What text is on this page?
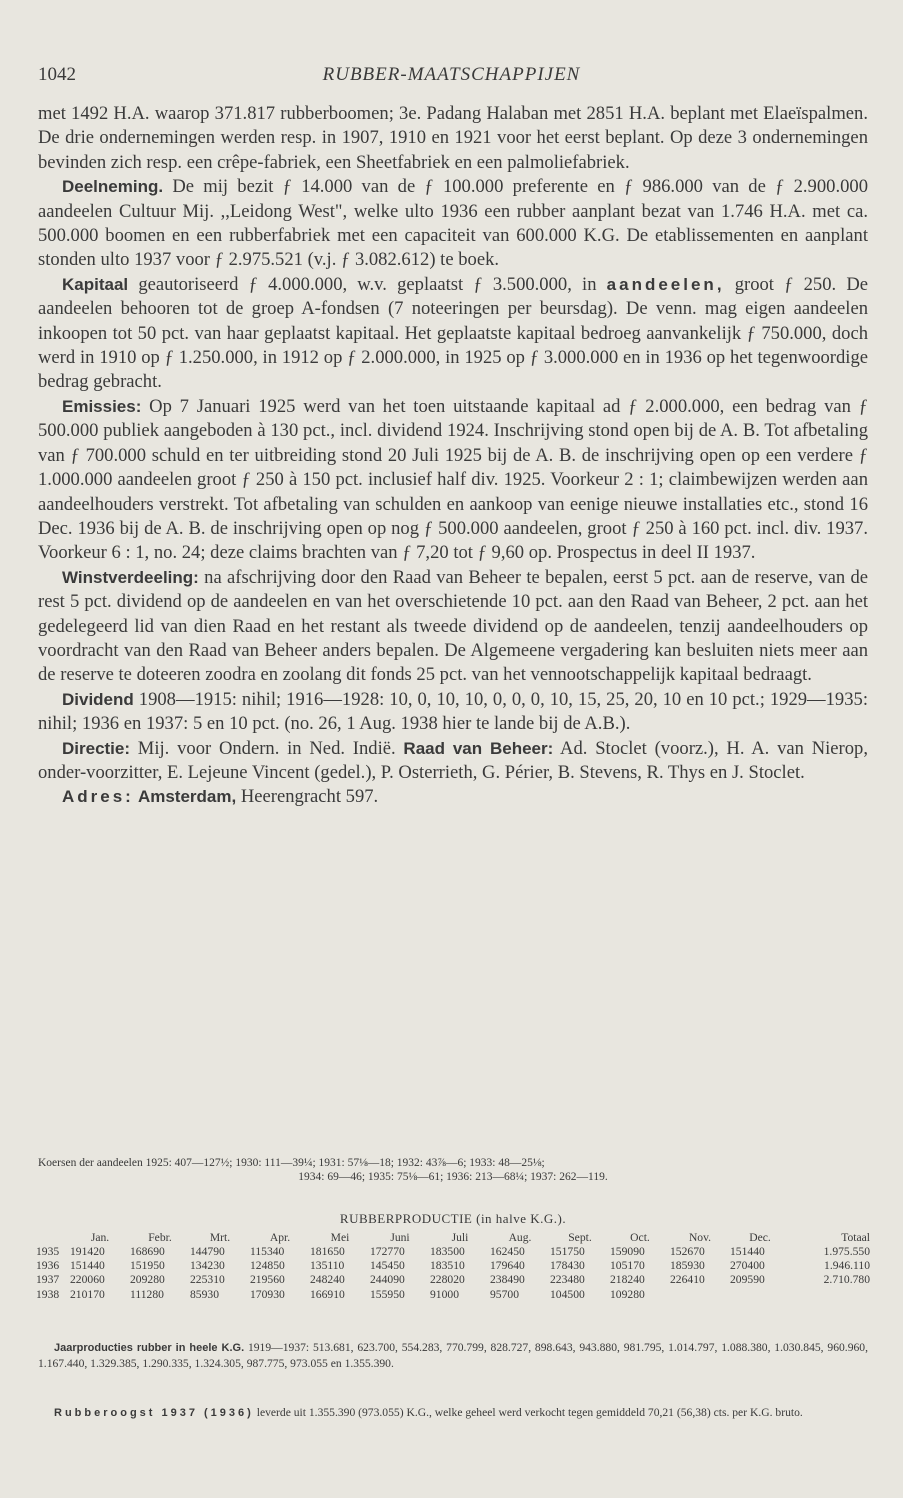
1042	RUBBER-MAATSCHAPPIJEN

met 1492 H.A. waarop 371.817 rubberboomen; 3e. Padang Halaban met 2851 H.A. beplant met Elaeïspalmen. De drie ondernemingen werden resp. in 1907, 1910 en 1921 voor het eerst beplant. Op deze 3 ondernemingen bevinden zich resp. een crêpe-fabriek, een Sheetfabriek en een palmoliefabriek.

Deelneming. De mij bezit ƒ 14.000 van de ƒ 100.000 preferente en ƒ 986.000 van de ƒ 2.900.000 aandeelen Cultuur Mij. ,,Leidong West", welke ulto 1936 een rubber aanplant bezat van 1.746 H.A. met ca. 500.000 boomen en een rubberfabriek met een capaciteit van 600.000 K.G. De etablissementen en aanplant stonden ulto 1937 voor ƒ 2.975.521 (v.j. ƒ 3.082.612) te boek.

Kapitaal geautoriseerd ƒ 4.000.000, w.v. geplaatst ƒ 3.500.000, in aandeelen, groot ƒ 250. De aandeelen behooren tot de groep A-fondsen (7 noteeringen per beursdag). De venn. mag eigen aandeelen inkoopen tot 50 pct. van haar geplaatst kapitaal. Het geplaatste kapitaal bedroeg aanvankelijk ƒ 750.000, doch werd in 1910 op ƒ 1.250.000, in 1912 op ƒ 2.000.000, in 1925 op ƒ 3.000.000 en in 1936 op het tegenwoordige bedrag gebracht.

Emissies: Op 7 Januari 1925 werd van het toen uitstaande kapitaal ad ƒ 2.000.000, een bedrag van ƒ 500.000 publiek aangeboden à 130 pct., incl. dividend 1924. Inschrijving stond open bij de A. B. Tot afbetaling van ƒ 700.000 schuld en ter uitbreiding stond 20 Juli 1925 bij de A. B. de inschrijving open op een verdere ƒ 1.000.000 aandeelen groot ƒ 250 à 150 pct. inclusief half div. 1925. Voorkeur 2 : 1; claimbewijzen werden aan aandeelhouders verstrekt. Tot afbetaling van schulden en aankoop van eenige nieuwe installaties etc., stond 16 Dec. 1936 bij de A. B. de inschrijving open op nog ƒ 500.000 aandeelen, groot ƒ 250 à 160 pct. incl. div. 1937. Voorkeur 6 : 1, no. 24; deze claims brachten van ƒ 7,20 tot ƒ 9,60 op. Prospectus in deel II 1937.

Winstverdeeling: na afschrijving door den Raad van Beheer te bepalen, eerst 5 pct. aan de reserve, van de rest 5 pct. dividend op de aandeelen en van het overschietende 10 pct. aan den Raad van Beheer, 2 pct. aan het gedelegeerd lid van dien Raad en het restant als tweede dividend op de aandeelen, tenzij aandeelhouders op voordracht van den Raad van Beheer anders bepalen. De Algemeene vergadering kan besluiten niets meer aan de reserve te doteeren zoodra en zoolang dit fonds 25 pct. van het vennootschappelijk kapitaal bedraagt.

Dividend 1908—1915: nihil; 1916—1928: 10, 0, 10, 10, 0, 0, 0, 10, 15, 25, 20, 10 en 10 pct.; 1929—1935: nihil; 1936 en 1937: 5 en 10 pct. (no. 26, 1 Aug. 1938 hier te lande bij de A.B.).

Directie: Mij. voor Ondern. in Ned. Indië. Raad van Beheer: Ad. Stoclet (voorz.), H. A. van Nierop, onder-voorzitter, E. Lejeune Vincent (gedel.), P. Osterrieth, G. Périer, B. Stevens, R. Thys en J. Stoclet.

Adres: Amsterdam, Heerengracht 597.

Koersen der aandeelen 1925: 407—127½; 1930: 111—39¼; 1931: 57⅛—18; 1932: 43⅞—6; 1933: 48—25⅛;
1934: 69—46; 1935: 75⅛—61; 1936: 213—68¼; 1937: 262—119.
RUBBERPRODUCTIE (in halve K.G.).
	Jan.	Febr.	Mrt.	Apr.	Mei	Juni	Juli	Aug.	Sept.	Oct.	Nov.	Dec.	Totaal
1935	191420	168690	144790	115340	181650	172770	183500	162450	151750	159090	152670	151440	1.975.550
1936	151440	151950	134230	124850	135110	145450	183510	179640	178430	105170	185930	270400	1.946.110
1937	220060	209280	225310	219560	248240	244090	228020	238490	223480	218240	226410	209590	2.710.780
1938	210170	111280	85930	170930	166910	155950	91000	95700	104500	109280			
Jaarproducties rubber in heele K.G. 1919—1937: 513.681, 623.700, 554.283, 770.799, 828.727, 898.643, 943.880, 981.795, 1.014.797, 1.088.380, 1.030.845, 960.960, 1.167.440, 1.329.385, 1.290.335, 1.324.305, 987.775, 973.055 en 1.355.390.
Rubberoogst 1937 (1936) leverde uit 1.355.390 (973.055) K.G., welke geheel werd verkocht tegen gemiddeld 70,21 (56,38) cts. per K.G. bruto.
